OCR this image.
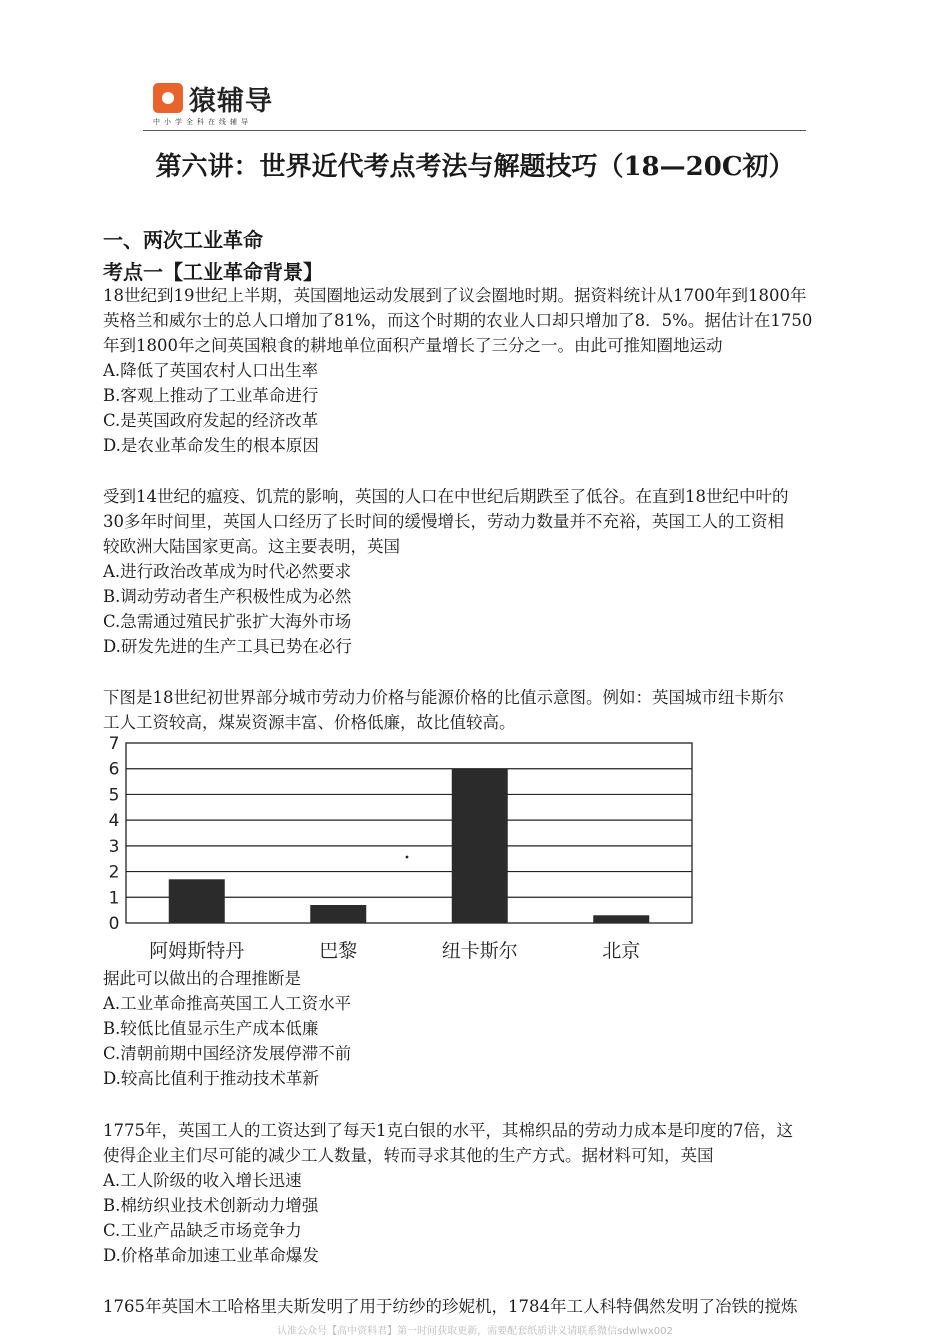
猿辅导
中小学全科在线辅导
第六讲：世界近代考点考法与解题技巧（18—20C初）
一、两次工业革命
考点一【工业革命背景】
18世纪到19世纪上半期，英国圈地运动发展到了议会圈地时期。据资料统计从1700年到1800年
英格兰和威尔士的总人口增加了81%，而这个时期的农业人口却只增加了8．5%。据估计在1750
年到1800年之间英国粮食的耕地单位面积产量增长了三分之一。由此可推知圈地运动
A.降低了英国农村人口出生率
B.客观上推动了工业革命进行
C.是英国政府发起的经济改革
D.是农业革命发生的根本原因
受到14世纪的瘟疫、饥荒的影响，英国的人口在中世纪后期跌至了低谷。在直到18世纪中叶的
30多年时间里，英国人口经历了长时间的缓慢增长，劳动力数量并不充裕，英国工人的工资相
较欧洲大陆国家更高。这主要表明，英国
A.进行政治改革成为时代必然要求
B.调动劳动者生产积极性成为必然
C.急需通过殖民扩张扩大海外市场
D.研发先进的生产工具已势在必行
下图是18世纪初世界部分城市劳动力价格与能源价格的比值示意图。例如：英国城市纽卡斯尔
工人工资较高，煤炭资源丰富、价格低廉，故比值较高。
0
1
2
3
4
5
6
7
阿姆斯特丹	巴黎	纽卡斯尔	北京
据此可以做出的合理推断是
A.工业革命推高英国工人工资水平
B.较低比值显示生产成本低廉
C.清朝前期中国经济发展停滞不前
D.较高比值利于推动技术革新
1775年，英国工人的工资达到了每天1克白银的水平，其棉织品的劳动力成本是印度的7倍，这
使得企业主们尽可能的减少工人数量，转而寻求其他的生产方式。据材料可知，英国
A.工人阶级的收入增长迅速
B.棉纺织业技术创新动力增强
C.工业产品缺乏市场竞争力
D.价格革命加速工业革命爆发
1765年英国木工哈格里夫斯发明了用于纺纱的珍妮机，1784年工人科特偶然发明了冶铁的搅炼
认准公众号【高中资料君】第一时间获取更新，需要配套纸质讲义请联系微信sdwlwx002
